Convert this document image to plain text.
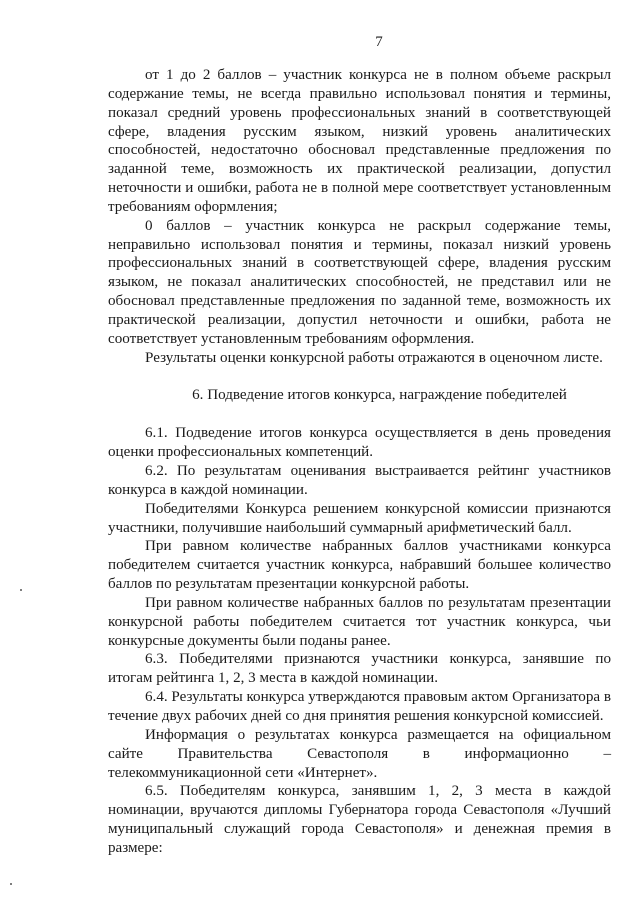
7

от 1 до 2 баллов – участник конкурса не в полном объеме раскрыл содержание темы, не всегда правильно использовал понятия и термины, показал средний уровень профессиональных знаний в соответствующей сфере, владения русским языком, низкий уровень аналитических способностей, недостаточно обосновал представленные предложения по заданной теме, возможность их практической реализации, допустил неточности и ошибки, работа не в полной мере соответствует установленным требованиям оформления;

0 баллов – участник конкурса не раскрыл содержание темы, неправильно использовал понятия и термины, показал низкий уровень профессиональных знаний в соответствующей сфере, владения русским языком, не показал аналитических способностей, не представил или не обосновал представленные предложения по заданной теме, возможность их практической реализации, допустил неточности и ошибки, работа не соответствует установленным требованиям оформления.

Результаты оценки конкурсной работы отражаются в оценочном листе.

6. Подведение итогов конкурса, награждение победителей

6.1. Подведение итогов конкурса осуществляется в день проведения оценки профессиональных компетенций.

6.2. По результатам оценивания выстраивается рейтинг участников конкурса в каждой номинации.

Победителями Конкурса решением конкурсной комиссии признаются участники, получившие наибольший суммарный арифметический балл.

При равном количестве набранных баллов участниками конкурса победителем считается участник конкурса, набравший большее количество баллов по результатам презентации конкурсной работы.

При равном количестве набранных баллов по результатам презентации конкурсной работы победителем считается тот участник конкурса, чьи конкурсные документы были поданы ранее.

6.3. Победителями признаются участники конкурса, занявшие по итогам рейтинга 1, 2, 3 места в каждой номинации.

6.4. Результаты конкурса утверждаются правовым актом Организатора в течение двух рабочих дней со дня принятия решения конкурсной комиссией.

Информация о результатах конкурса размещается на официальном сайте Правительства Севастополя в информационно – телекоммуникационной сети «Интернет».

6.5. Победителям конкурса, занявшим 1, 2, 3 места в каждой номинации, вручаются дипломы Губернатора города Севастополя «Лучший муниципальный служащий города Севастополя» и денежная премия в размере:
